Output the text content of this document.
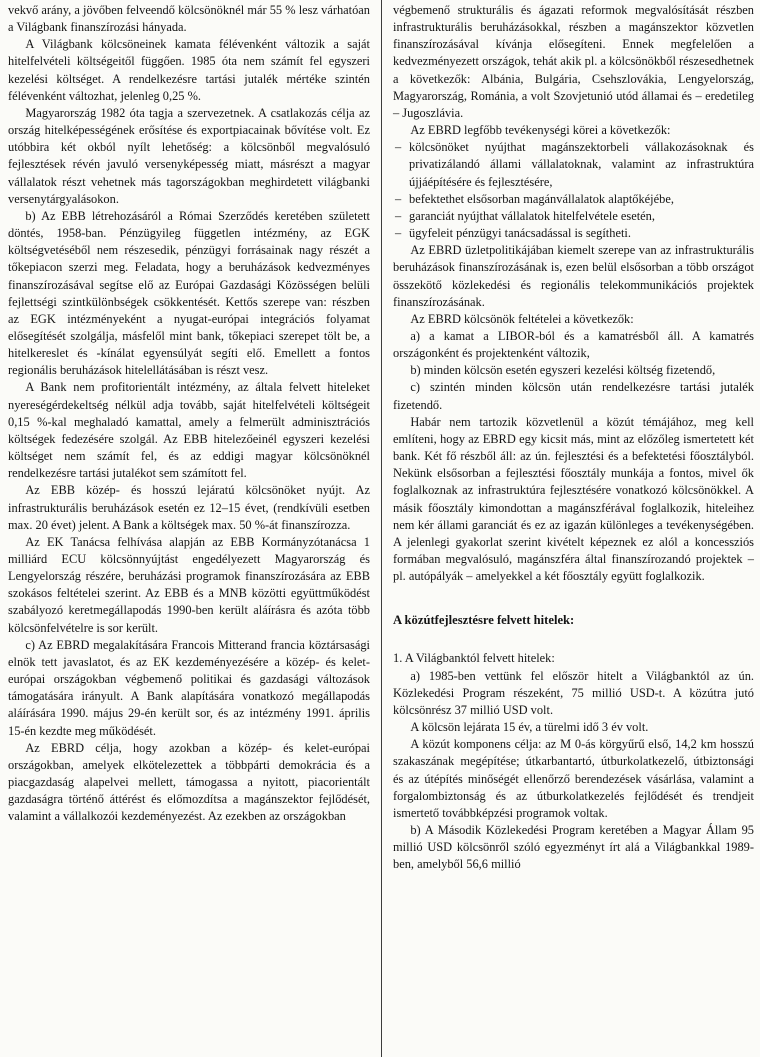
vekvő arány, a jövőben felveendő kölcsönöknél már 55 % lesz várhatóan a Világbank finanszírozási hányada.

A Világbank kölcsöneinek kamata félévenként változik a saját hitelfelvételi költségeitől függően. 1985 óta nem számít fel egyszeri kezelési költséget. A rendelkezésre tartási jutalék mértéke szintén félévenként változhat, jelenleg 0,25 %.

Magyarország 1982 óta tagja a szervezetnek. A csatlakozás célja az ország hitelképességének erősítése és exportpiacainak bővítése volt. Ez utóbbira két okból nyílt lehetőség: a kölcsönből megvalósuló fejlesztések révén javuló versenyképesség miatt, másrészt a magyar vállalatok részt vehetnek más tagországokban meghirdetett világbanki versenytárgyalásokon.

b) Az EBB létrehozásáról a Római Szerződés keretében született döntés, 1958-ban. Pénzügyileg független intézmény, az EGK költségvetéséből nem részesedik, pénzügyi forrásainak nagy részét a tőkepiacon szerzi meg. Feladata, hogy a beruházások kedvezményes finanszírozásával segítse elő az Európai Gazdasági Közösségen belüli fejlettségi szintkülönbségek csökkentését. Kettős szerepe van: részben az EGK intézményeként a nyugat-európai integrációs folyamat elősegítését szolgálja, másfelől mint bank, tőkepiaci szerepet tölt be, a hitelkereslet és -kínálat egyensúlyát segíti elő. Emellett a fontos regionális beruházások hitelellátásában is részt vesz.

A Bank nem profitorientált intézmény, az általa felvett hiteleket nyereségérdekeltség nélkül adja tovább, saját hitelfelvételi költségeit 0,15 %-kal meghaladó kamattal, amely a felmerült adminisztrációs költségek fedezésére szolgál. Az EBB hitelezőeinél egyszeri kezelési költséget nem számít fel, és az eddigi magyar kölcsönöknél rendelkezésre tartási jutalékot sem számított fel.

Az EBB közép- és hosszú lejáratú kölcsönöket nyújt. Az infrastrukturális beruházások esetén ez 12–15 évet, (rendkívüli esetben max. 20 évet) jelent. A Bank a költségek max. 50 %-át finanszírozza.

Az EK Tanácsa felhívása alapján az EBB Kormányzótanácsa 1 milliárd ECU kölcsönnyújtást engedélyezett Magyarország és Lengyelország részére, beruházási programok finanszírozására az EBB szokásos feltételei szerint. Az EBB és a MNB közötti együttműködést szabályozó keretmegállapodás 1990-ben került aláírásra és azóta több kölcsönfelvételre is sor került.

c) Az EBRD megalakítására Francois Mitterand francia köztársasági elnök tett javaslatot, és az EK kezdeményezésére a közép- és kelet- európai országokban végbemenő politikai és gazdasági változások támogatására irányult. A Bank alapítására vonatkozó megállapodás aláírására 1990. május 29-én került sor, és az intézmény 1991. április 15-én kezdte meg működését.

Az EBRD célja, hogy azokban a közép- és kelet-európai országokban, amelyek elkötelezettek a többpárti demokrácia és a piacgazdaság alapelvei mellett, támogassa a nyitott, piacorientált gazdaságra történő áttérést és előmozdítsa a magánszektor fejlődését, valamint a vállalkozói kezdeményezést. Az ezekben az országokban

végbemenő strukturális és ágazati reformok megvalósítását részben infrastrukturális beruházásokkal, részben a magánszektor közvetlen finanszírozásával kívánja elősegíteni. Ennek megfelelően a kedvezményezett országok, tehát akik pl. a kölcsönökből részesedhetnek a következők: Albánia, Bulgária, Csehszlovákia, Lengyelország, Magyarország, Románia, a volt Szovjetunió utód államai és – eredetileg – Jugoszlávia.

Az EBRD legfőbb tevékenységi körei a következők:

– kölcsönöket nyújthat magánszektorbeli vállakozásoknak és privatizálandó állami vállalatoknak, valamint az infrastruktúra újjáépítésére és fejlesztésére,
– befektethet elsősorban magánvállalatok alaptőkéjébe,
– garanciát nyújthat vállalatok hitelfelvétele esetén,
– ügyfeleit pénzügyi tanácsadással is segítheti.

Az EBRD üzletpolitikájában kiemelt szerepe van az infrastrukturális beruházások finanszírozásának is, ezen belül elsősorban a több országot összekötő közlekedési és regionális telekommunikációs projektek finanszírozásának.

Az EBRD kölcsönök feltételei a következők:

a) a kamat a LIBOR-ból és a kamatrésből áll. A kamatrés országonként és projektenként változik,

b) minden kölcsön esetén egyszeri kezelési költség fizetendő,

c) szintén minden kölcsön után rendelkezésre tartási jutalék fizetendő.

Habár nem tartozik közvetlenül a közút témájához, meg kell említeni, hogy az EBRD egy kicsit más, mint az előzőleg ismertetett két bank. Két fő részből áll: az ún. fejlesztési és a befektetési főosztályból. Nekünk elsősorban a fejlesztési főosztály munkája a fontos, mivel ők foglalkoznak az infrastruktúra fejlesztésére vonatkozó kölcsönökkel. A másik főosztály kimondottan a magánszférával foglalkozik, hiteleihez nem kér állami garanciát és ez az igazán különleges a tevékenységében. A jelenlegi gyakorlat szerint kivételt képeznek ez alól a koncessziós formában megvalósuló, magánszféra által finanszírozandó projektek – pl. autópályák – amelyekkel a két főosztály együtt foglalkozik.

A közútfejlesztésre felvett hitelek:

1. A Világbanktól felvett hitelek:

a) 1985-ben vettünk fel először hitelt a Világbanktól az ún. Közlekedési Program részeként, 75 millió USD-t. A közútra jutó kölcsönrész 37 millió USD volt.

A kölcsön lejárata 15 év, a türelmi idő 3 év volt.

A közút komponens célja: az M 0-ás körgyűrű első, 14,2 km hosszú szakaszának megépítése; útkarbantartó, útburkolatkezelő, útbiztonsági és az útépítés minőségét ellenőrző berendezések vásárlása, valamint a forgalombiztonság és az útburkolatkezelés fejlődését és trendjeit ismertető továbbképzési programok voltak.

b) A Második Közlekedési Program keretében a Magyar Állam 95 millió USD kölcsönről szóló egyezményt írt alá a Világbankkal 1989-ben, amelyből 56,6 millió
